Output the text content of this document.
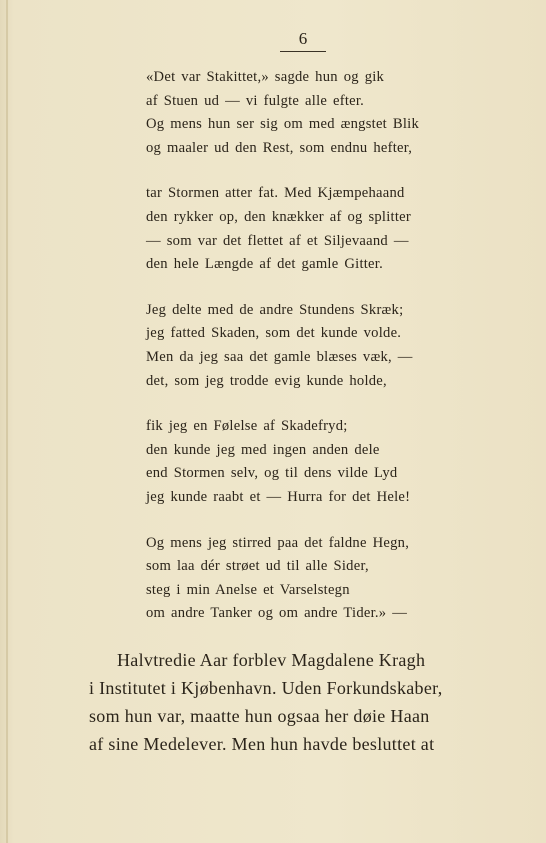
6
«Det var Stakittet,» sagde hun og gik
af Stuen ud — vi fulgte alle efter.
Og mens hun ser sig om med ængstet Blik
og maaler ud den Rest, som endnu hefter,
tar Stormen atter fat. Med Kjæmpehaand
den rykker op, den knækker af og splitter
— som var det flettet af et Siljevaand —
den hele Længde af det gamle Gitter.
Jeg delte med de andre Stundens Skræk;
jeg fatted Skaden, som det kunde volde.
Men da jeg saa det gamle blæses væk, —
det, som jeg trodde evig kunde holde,
fik jeg en Følelse af Skadefryd;
den kunde jeg med ingen anden dele
end Stormen selv, og til dens vilde Lyd
jeg kunde raabt et — Hurra for det Hele!
Og mens jeg stirred paa det faldne Hegn,
som laa dér strøet ud til alle Sider,
steg i min Anelse et Varselstegn
om andre Tanker og om andre Tider.» —
Halvtredie Aar forblev Magdalene Kragh
i Institutet i Kjøbenhavn. Uden Forkundskaber,
som hun var, maatte hun ogsaa her døie Haan
af sine Medelever. Men hun havde besluttet at
